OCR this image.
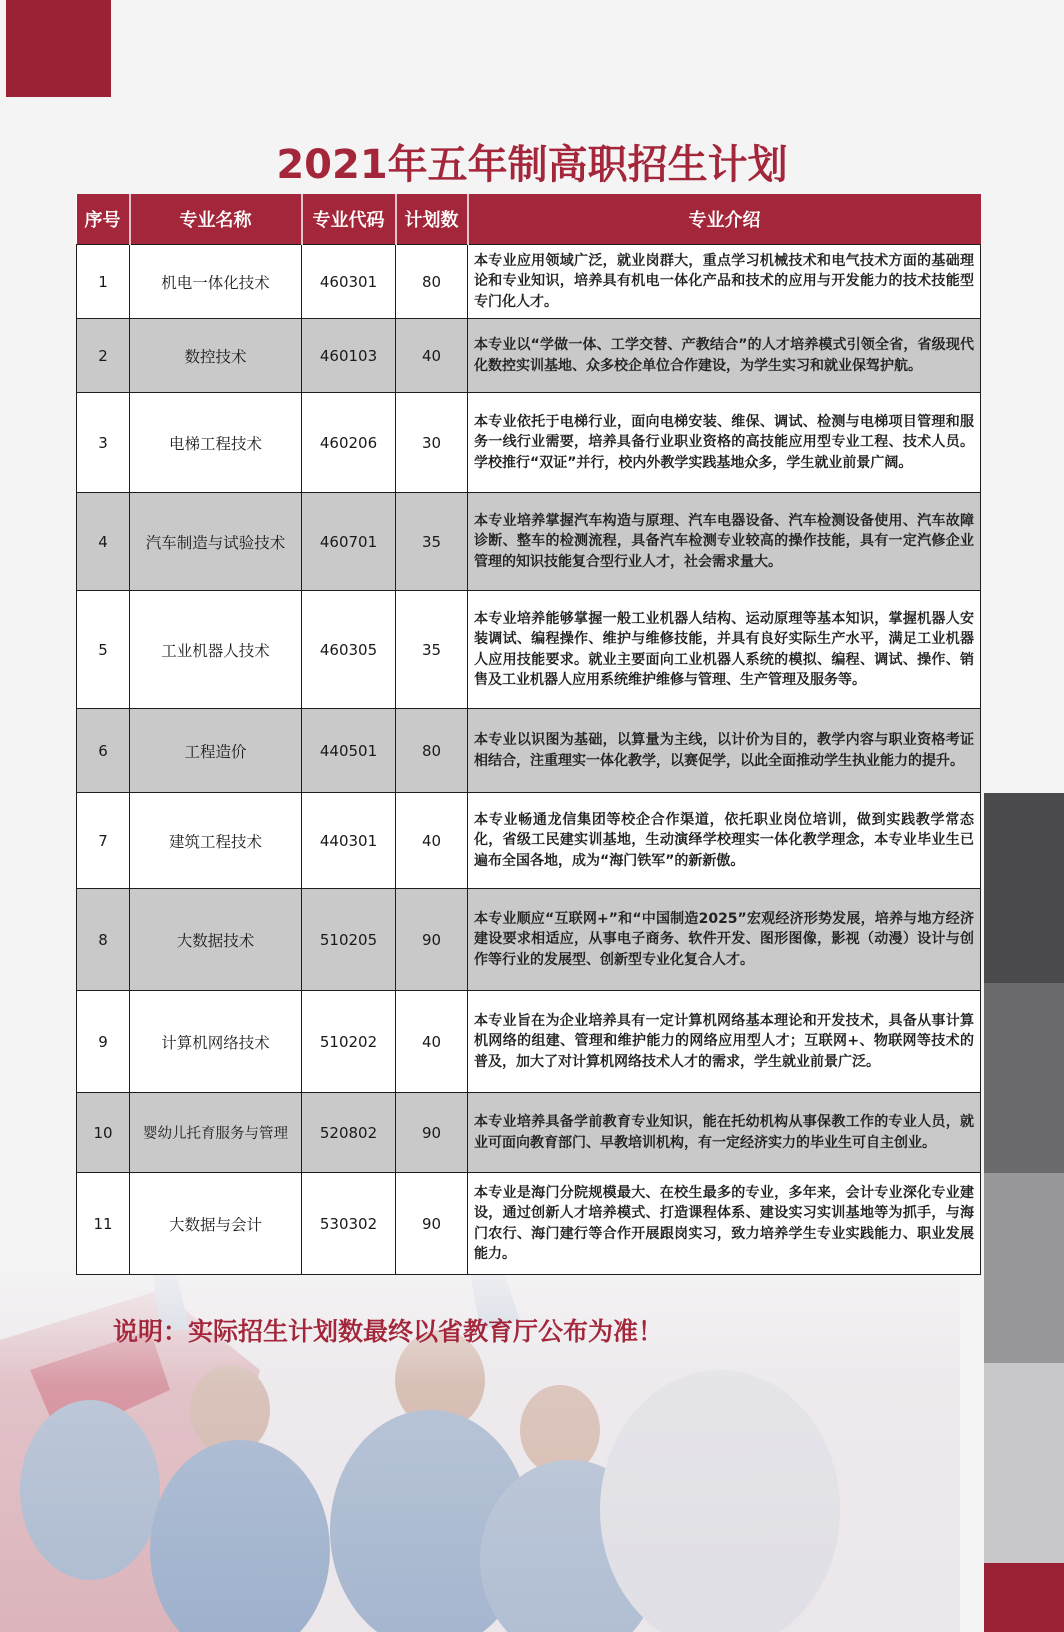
2021年五年制高职招生计划
序号	专业名称	专业代码	计划数	专业介绍
1	机电一体化技术	460301	80	本专业应用领域广泛，就业岗群大，重点学习机械技术和电气技术方面的基础理论和专业知识，培养具有机电一体化产品和技术的应用与开发能力的技术技能型专门化人才。
2	数控技术	460103	40	本专业以“学做一体、工学交替、产教结合”的人才培养模式引领全省，省级现代化数控实训基地、众多校企单位合作建设，为学生实习和就业保驾护航。
3	电梯工程技术	460206	30	本专业依托于电梯行业，面向电梯安装、维保、调试、检测与电梯项目管理和服务一线行业需要，培养具备行业职业资格的高技能应用型专业工程、技术人员。学校推行“双证”并行，校内外教学实践基地众多，学生就业前景广阔。
4	汽车制造与试验技术	460701	35	本专业培养掌握汽车构造与原理、汽车电器设备、汽车检测设备使用、汽车故障诊断、整车的检测流程，具备汽车检测专业较高的操作技能，具有一定汽修企业管理的知识技能复合型行业人才，社会需求量大。
5	工业机器人技术	460305	35	本专业培养能够掌握一般工业机器人结构、运动原理等基本知识，掌握机器人安装调试、编程操作、维护与维修技能，并具有良好实际生产水平，满足工业机器人应用技能要求。就业主要面向工业机器人系统的模拟、编程、调试、操作、销售及工业机器人应用系统维护维修与管理、生产管理及服务等。
6	工程造价	440501	80	本专业以识图为基础，以算量为主线，以计价为目的，教学内容与职业资格考证相结合，注重理实一体化教学，以赛促学，以此全面推动学生执业能力的提升。
7	建筑工程技术	440301	40	本专业畅通龙信集团等校企合作渠道，依托职业岗位培训，做到实践教学常态化，省级工民建实训基地，生动演绎学校理实一体化教学理念，本专业毕业生已遍布全国各地，成为“海门铁军”的新新傲。
8	大数据技术	510205	90	本专业顺应“互联网+”和“中国制造2025”宏观经济形势发展，培养与地方经济建设要求相适应，从事电子商务、软件开发、图形图像，影视（动漫）设计与创作等行业的发展型、创新型专业化复合人才。
9	计算机网络技术	510202	40	本专业旨在为企业培养具有一定计算机网络基本理论和开发技术，具备从事计算机网络的组建、管理和维护能力的网络应用型人才；互联网+、物联网等技术的普及，加大了对计算机网络技术人才的需求，学生就业前景广泛。
10	婴幼儿托育服务与管理	520802	90	本专业培养具备学前教育专业知识，能在托幼机构从事保教工作的专业人员，就业可面向教育部门、早教培训机构，有一定经济实力的毕业生可自主创业。
11	大数据与会计	530302	90	本专业是海门分院规模最大、在校生最多的专业，多年来，会计专业深化专业建设，通过创新人才培养模式、打造课程体系、建设实习实训基地等为抓手，与海门农行、海门建行等合作开展跟岗实习，致力培养学生专业实践能力、职业发展能力。
说明：实际招生计划数最终以省教育厅公布为准！
